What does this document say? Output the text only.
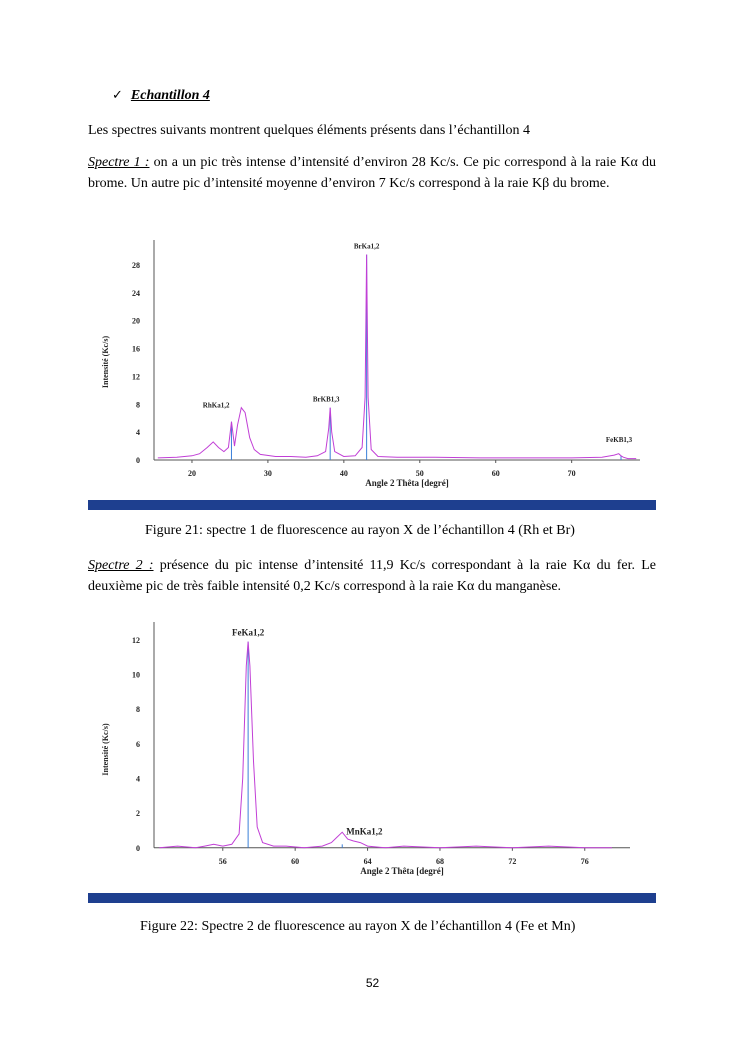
✓ Echantillon 4
Les spectres suivants montrent quelques éléments présents dans l’échantillon 4
Spectre 1 : on a un pic très intense d’intensité d’environ 28 Kc/s. Ce pic correspond à la raie Kα du brome. Un autre pic d’intensité moyenne d’environ 7 Kc/s correspond à la raie Kβ du brome.
0
4
8
12
16
20
24
28
20	30	40	50	60	70
Angle 2 Thêta [degré]
Intensité (Kc/s)
RhKa1,2
BrKB1,3
BrKa1,2
FeKB1,3
Figure 21: spectre 1 de fluorescence au rayon X de l’échantillon 4 (Rh et Br)
Spectre 2 : présence du pic intense d’intensité 11,9 Kc/s correspondant à la raie Kα du fer. Le deuxième pic de très faible intensité 0,2 Kc/s correspond à la raie Kα du manganèse.
0
2
4
6
8
10
12
56	60	64	68	72	76
Angle 2 Thêta [degré]
Intensité (Kc/s)
FeKa1,2
MnKa1,2
Figure 22: Spectre 2 de fluorescence au rayon X de l’échantillon 4 (Fe et Mn)
52
